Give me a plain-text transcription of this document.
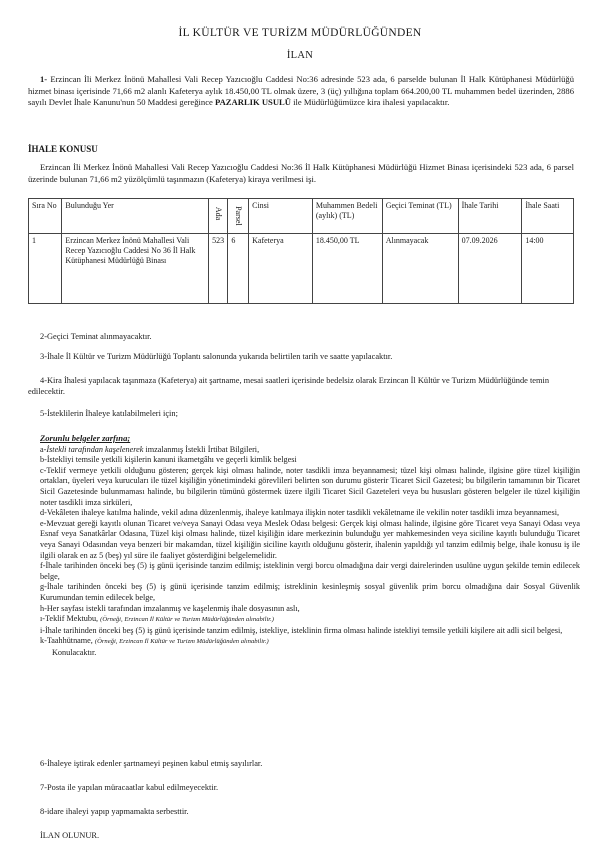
İL KÜLTÜR VE TURİZM MÜDÜRLÜĞÜNDEN
İLAN
1- Erzincan İli Merkez İnönü Mahallesi Vali Recep Yazıcıoğlu Caddesi No:36 adresinde 523 ada, 6 parselde bulunan İl Halk Kütüphanesi Müdürlüğü hizmet binası içerisinde 71,66 m2 alanlı Kafeterya aylık 18.450,00 TL olmak üzere, 3 (üç) yıllığına toplam 664.200,00 TL muhammen bedel üzerinden, 2886 sayılı Devlet İhale Kanunu'nun 50 Maddesi gereğince PAZARLIK USULÜ ile Müdürlüğümüzce kira ihalesi yapılacaktır.
İHALE KONUSU
Erzincan İli Merkez İnönü Mahallesi Vali Recep Yazıcıoğlu Caddesi No:36 İl Halk Kütüphanesi Müdürlüğü Hizmet Binası içerisindeki 523 ada, 6 parsel üzerinde bulunan 71,66 m2 yüzölçümlü taşınmazın (Kafeterya) kiraya verilmesi işi.
Sıra No	Bulunduğu Yer	Ada	Parsel	Cinsi	Muhammen Bedeli (aylık) (TL)	Geçici Teminat (TL)	İhale Tarihi	İhale Saati
1	Erzincan Merkez İnönü Mahallesi Vali Recep Yazıcıoğlu Caddesi No 36 İl Halk Kütüphanesi Müdürlüğü Binası	523	6	Kafeterya	18.450,00 TL	Alınmayacak	07.09.2026	14:00
2-Geçici Teminat alınmayacaktır.
3-İhale İl Kültür ve Turizm Müdürlüğü Toplantı salonunda yukarıda belirtilen tarih ve saatte yapılacaktır.
4-Kira İhalesi yapılacak taşınmaza (Kafeterya) ait şartname, mesai saatleri içerisinde bedelsiz olarak Erzincan İl Kültür ve Turizm Müdürlüğünde temin edilecektir.
5-İsteklilerin İhaleye katılabilmeleri için;

Zorunlu belgeler zarfına;

a-İstekli tarafından kaşelenerek imzalanmış İstekli İrtibat Bilgileri,

b-İstekliyi temsile yetkili kişilerin kanuni ikametgâhı ve geçerli kimlik belgesi

c-Teklif vermeye yetkili olduğunu gösteren; gerçek kişi olması halinde, noter tasdikli imza beyannamesi; tüzel kişi olması halinde, ilgisine göre tüzel kişiliğin ortakları, üyeleri veya kurucuları ile tüzel kişiliğin yönetimindeki görevlileri belirten son durumu gösterir Ticaret Sicil Gazetesi; bu bilgilerin tamamının bir Ticaret Sicil Gazetesinde bulunmaması halinde, bu bilgilerin tümünü göstermek üzere ilgili Ticaret Sicil Gazeteleri veya bu hususları gösteren belgeler ile tüzel kişiliğin noter tasdikli imza sirküleri,

d-Vekâleten ihaleye katılma halinde, vekil adına düzenlenmiş, ihaleye katılmaya ilişkin noter tasdikli vekâletname ile vekilin noter tasdikli imza beyannamesi,

e-Mevzuat gereği kayıtlı olunan Ticaret ve/veya Sanayi Odası veya Meslek Odası belgesi: Gerçek kişi olması halinde, ilgisine göre Ticaret veya Sanayi Odası veya Esnaf veya Sanatkârlar Odasına, Tüzel kişi olması halinde, tüzel kişiliğin idare merkezinin bulunduğu yer mahkemesinden veya siciline kayıtlı bulunduğu Ticaret veya Sanayi Odasından veya benzeri bir makamdan, tüzel kişiliğin siciline kayıtlı olduğunu gösterir, ihalenin yapıldığı yıl tanzim edilmiş belge, ihale konusu iş ile ilgili olarak en az 5 (beş) yıl süre ile faaliyet gösterdiğini belgelemelidir.

f-İhale tarihinden önceki beş (5) iş günü içerisinde tanzim edilmiş; isteklinin vergi borcu olmadığına dair vergi dairelerinden usulüne uygun şekilde temin edilecek belge,

g-İhale tarihinden önceki beş (5) iş günü içerisinde tanzim edilmiş; istreklinin kesinleşmiş sosyal güvenlik prim borcu olmadığına dair Sosyal Güvenlik Kurumundan temin edilecek belge,

h-Her sayfası istekli tarafından imzalanmış ve kaşelenmiş ihale dosyasının aslı,

ı-Teklif Mektubu, (Örneği, Erzincan İl Kültür ve Turizm Müdürlüğünden alınabilir.)

i-İhale tarihinden önceki beş (5) iş günü içerisinde tanzim edilmiş, istekliye, isteklinin firma olması halinde istekliyi temsile yetkili kişilere ait adli sicil belgesi,

k-Taahhütname, (Örneği, Erzincan İl Kültür ve Turizm Müdürlüğünden alınabilir.)

Konulacaktır.

6-İhaleye iştirak edenler şartnameyi peşinen kabul etmiş sayılırlar.
7-Posta ile yapılan müracaatlar kabul edilmeyecektir.
8-idare ihaleyi yapıp yapmamakta serbesttir.
İLAN OLUNUR.
